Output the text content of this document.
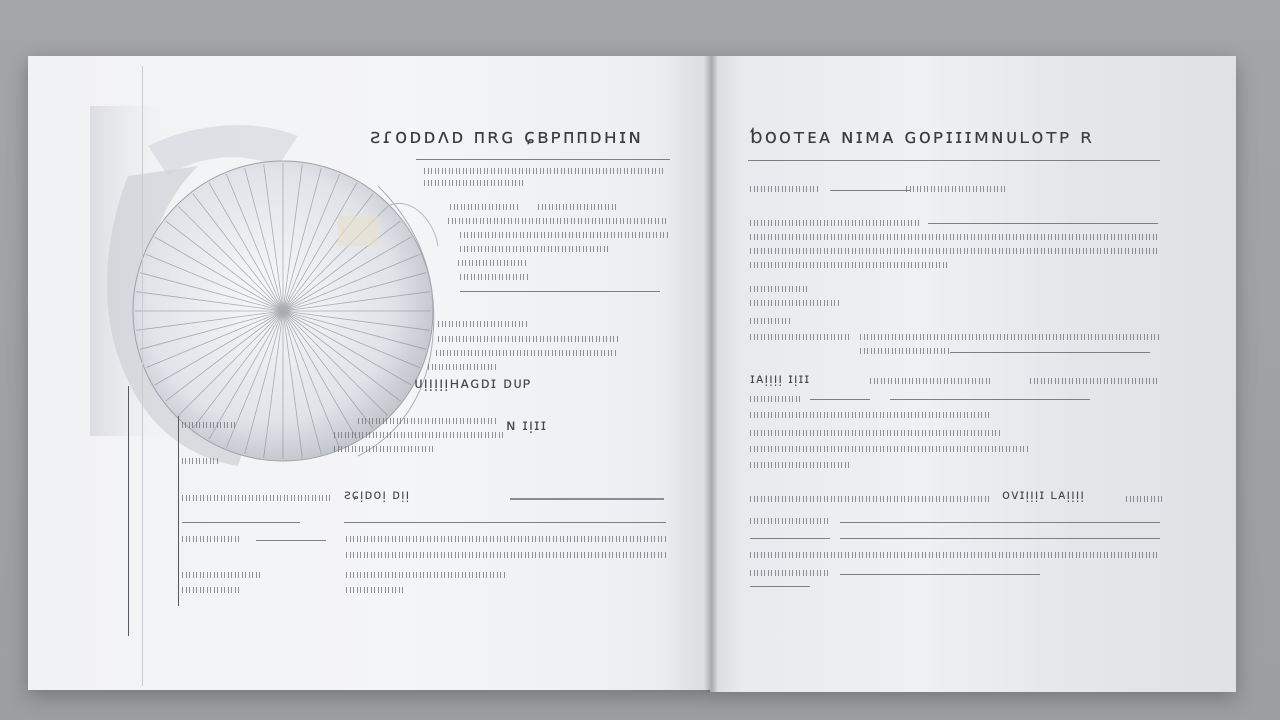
ƨɾᴏᴅᴅᴧᴅ ᴨʀɢ ɕʙᴘᴨᴨᴅʜɪɴ
ᴜᴉᴉᴉᴉᴉʜᴀɢᴅɪ ᴅᴜᴘ
ɴ ɪᴉɪɪ
ƨɕᴉᴅᴏᴉ ᴅᴉᴉ
ƅᴏᴏᴛᴇᴀ ɴɪᴍᴀ ɢᴏᴘɪɪɪᴍɴᴜʟᴏᴛᴘ ʀ
ɪᴀᴉᴉᴉᴉ ɪᴉɪɪ
ᴏᴠɪᴉᴉᴉɪ ʟᴀᴉᴉᴉᴉ
